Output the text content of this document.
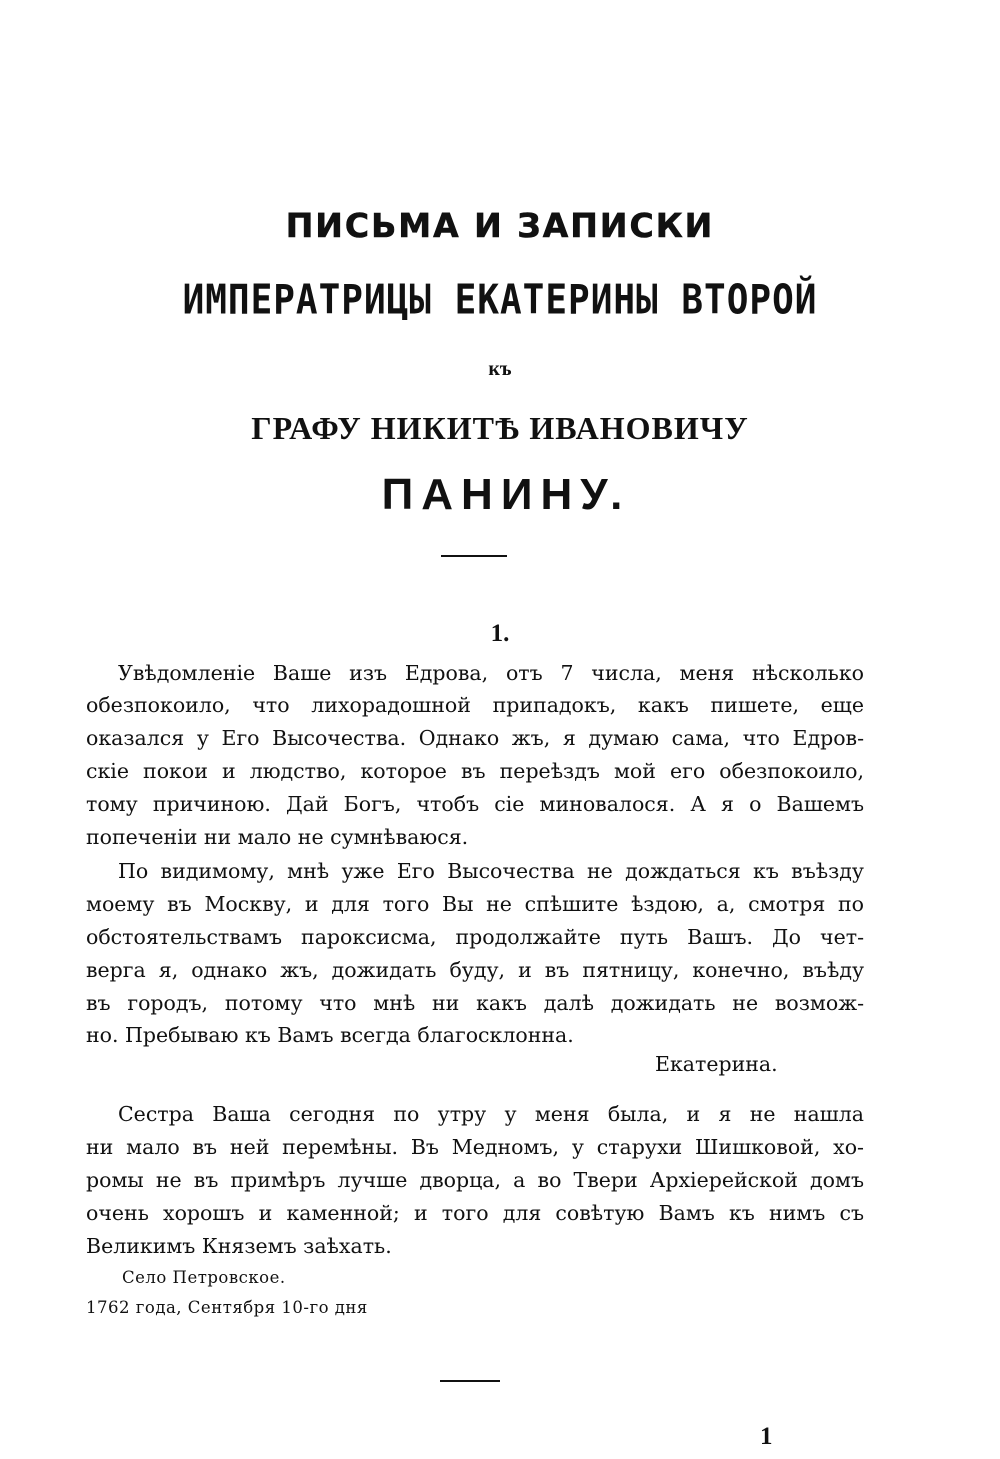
ПИСЬМА И ЗАПИСКИ
ИМПЕРАТРИЦЫ ЕКАТЕРИНЫ ВТОРОЙ
къ
ГРАФУ НИКИТѢ ИВАНОВИЧУ
ПАНИНУ.
1.
Увѣдомленіе Ваше изъ Едрова, отъ 7 числа, меня нѣсколько
обезпокоило, что лихорадошной припадокъ, какъ пишете, еще
оказался у Его Высочества. Однако жъ, я думаю сама, что Едров-
скіе покои и людство, которое въ переѣздъ мой его обезпокоило,
тому причиною. Дай Богъ, чтобъ сіе миновалося. А я о Вашемъ
попеченіи ни мало не сумнѣваюся.
По видимому, мнѣ уже Его Высочества не дождаться къ въѣзду
моему въ Москву, и для того Вы не спѣшите ѣздою, а, смотря по
обстоятельствамъ пароксисма, продолжайте путь Вашъ. До чет-
верга я, однако жъ, дожидать буду, и въ пятницу, конечно, въѣду
въ городъ, потому что мнѣ ни какъ далѣ дожидать не возмож-
но. Пребываю къ Вамъ всегда благосклонна.
Екатерина.
Сестра Ваша сегодня по утру у меня была, и я не нашла
ни мало въ ней перемѣны. Въ Медномъ, у старухи Шишковой, хо-
ромы не въ примѣръ лучше дворца, а во Твери Архіерейской домъ
очень хорошъ и каменной; и того для совѣтую Вамъ къ нимъ съ
Великимъ Княземъ заѣхать.
Село Петровское.
1762 года, Сентября 10-го дня
1
